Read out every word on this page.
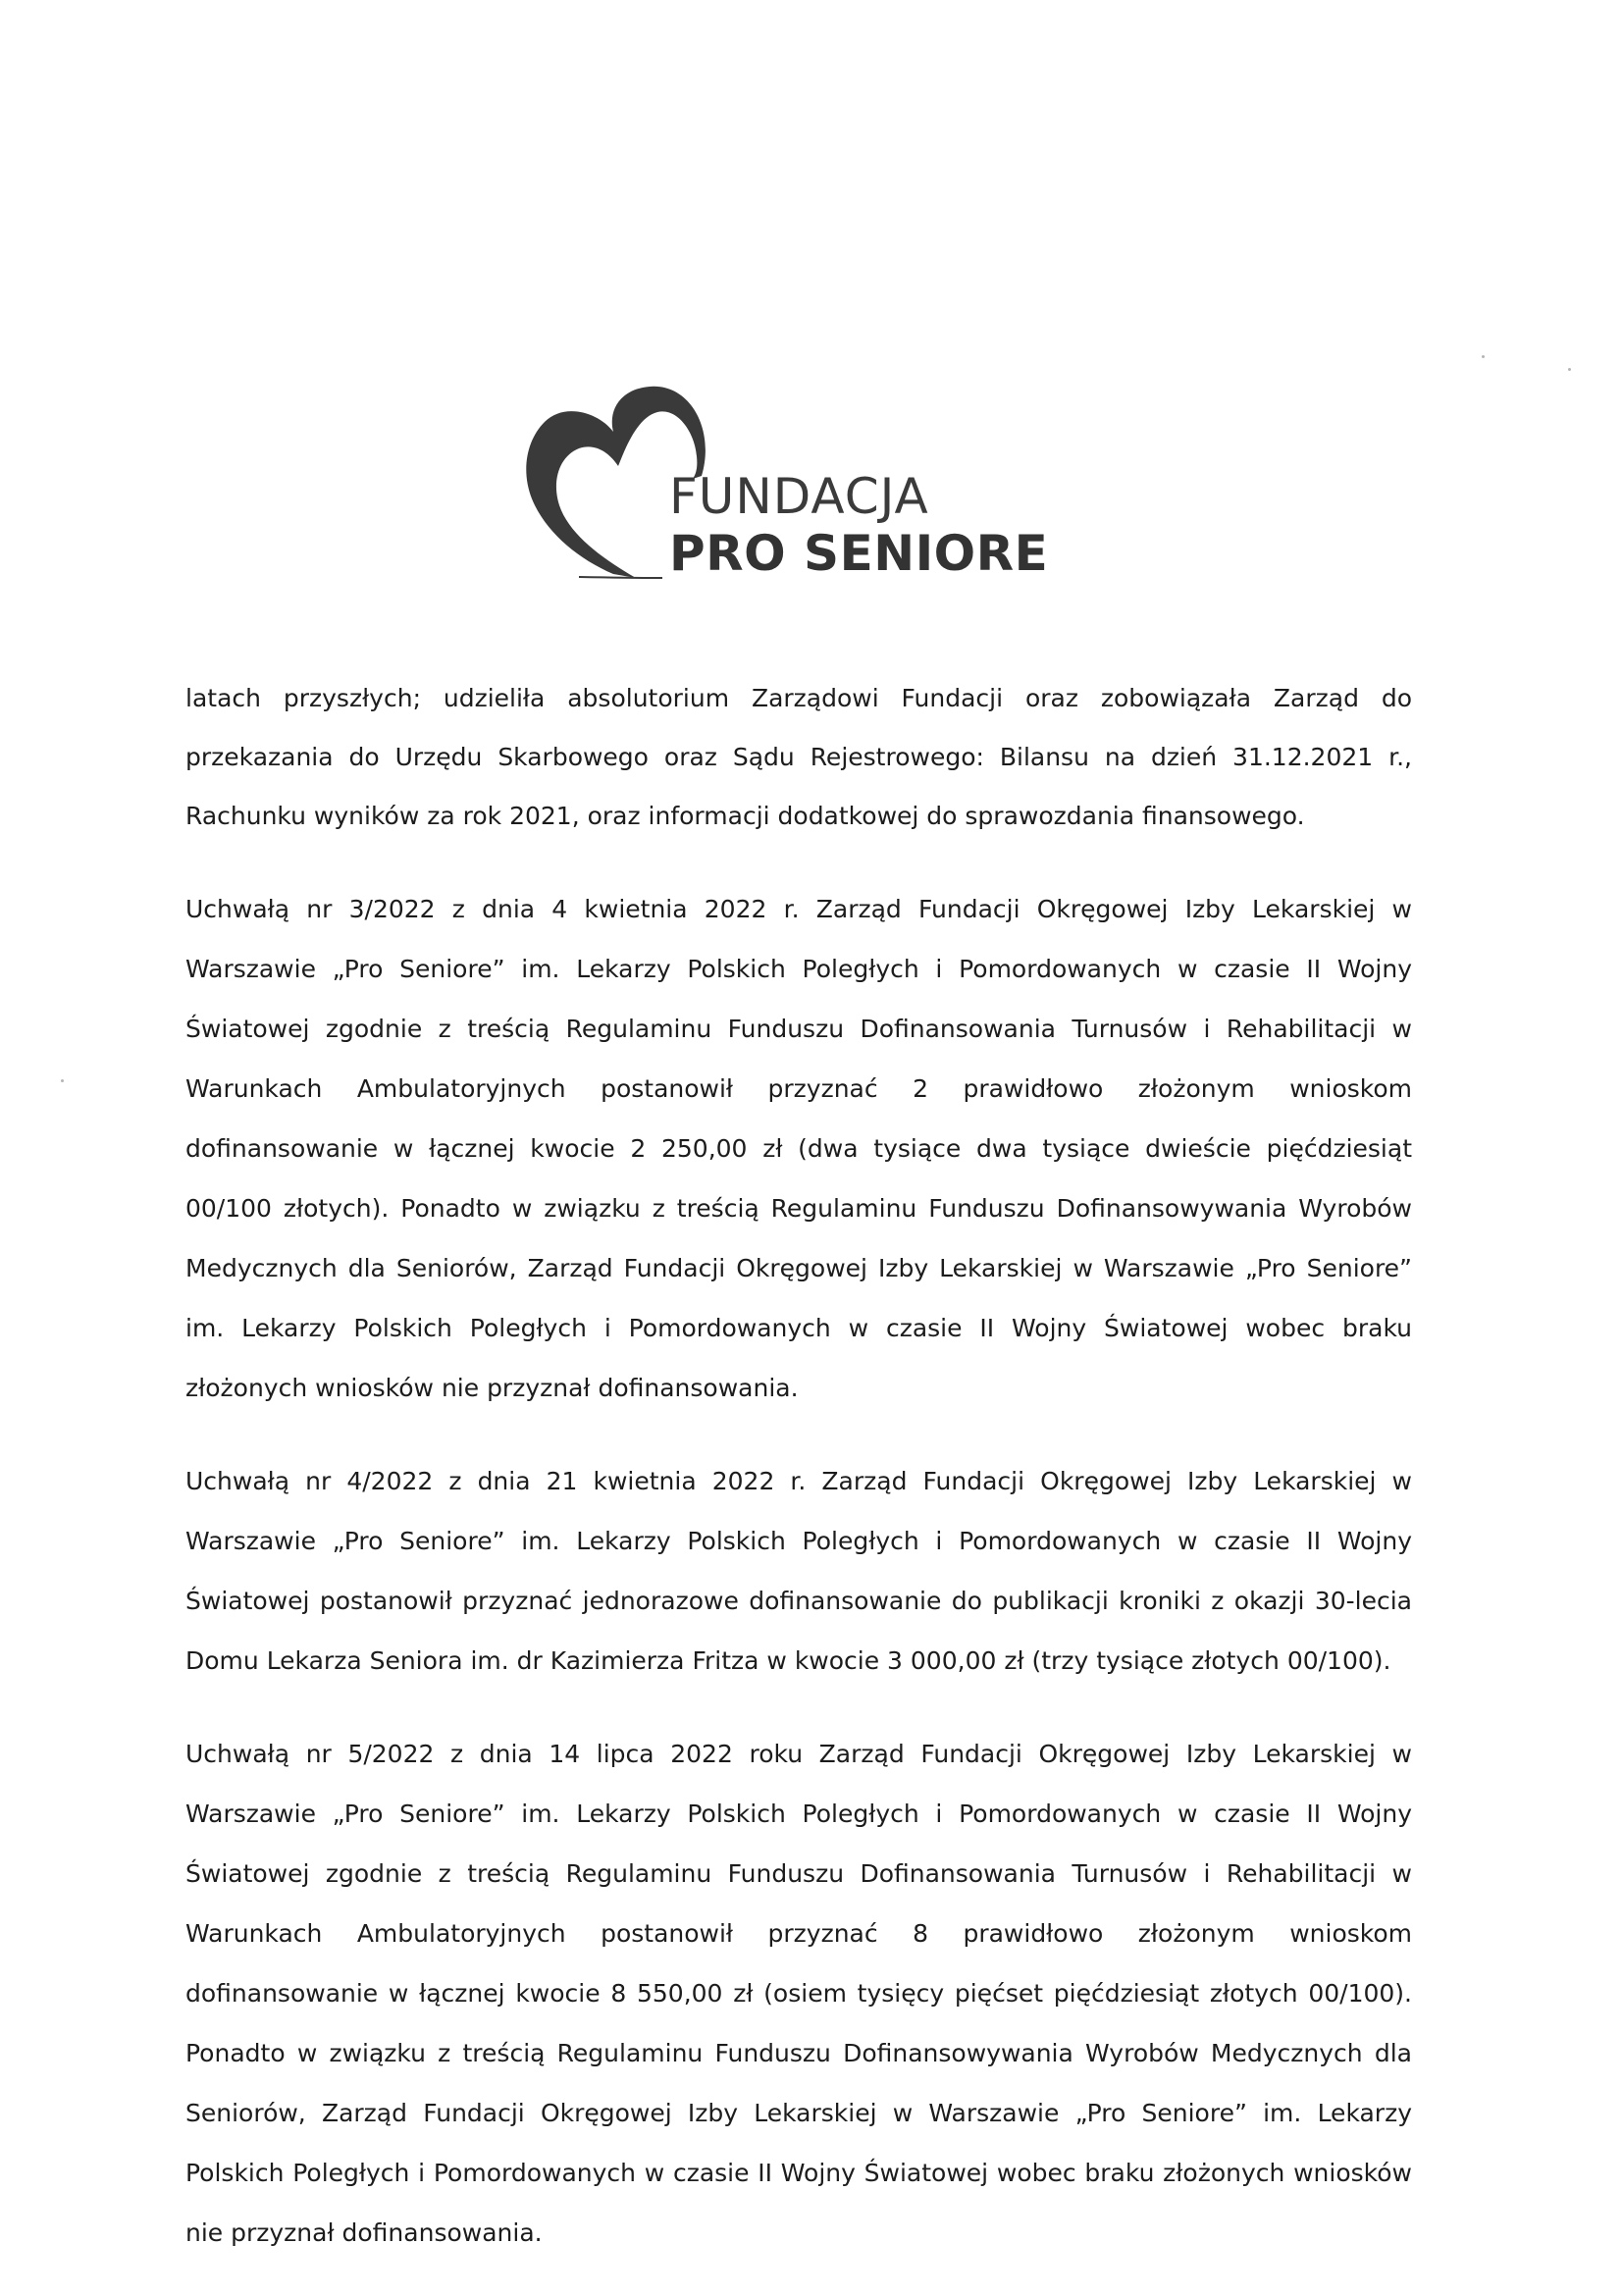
FUNDACJA
PRO SENIORE

latach przyszłych; udzieliła absolutorium Zarządowi Fundacji oraz zobowiązała Zarząd do przekazania do Urzędu Skarbowego oraz Sądu Rejestrowego: Bilansu na dzień 31.12.2021 r., Rachunku wyników za rok 2021, oraz informacji dodatkowej do sprawozdania finansowego.

Uchwałą nr 3/2022 z dnia 4 kwietnia 2022 r. Zarząd Fundacji Okręgowej Izby Lekarskiej w Warszawie „Pro Seniore” im. Lekarzy Polskich Poległych i Pomordowanych w czasie II Wojny Światowej zgodnie z treścią Regulaminu Funduszu Dofinansowania Turnusów i Rehabilitacji w Warunkach Ambulatoryjnych postanowił przyznać 2 prawidłowo złożonym wnioskom dofinansowanie w łącznej kwocie 2 250,00 zł (dwa tysiące dwa tysiące dwieście pięćdziesiąt 00/100 złotych). Ponadto w związku z treścią Regulaminu Funduszu Dofinansowywania Wyrobów Medycznych dla Seniorów, Zarząd Fundacji Okręgowej Izby Lekarskiej w Warszawie „Pro Seniore” im. Lekarzy Polskich Poległych i Pomordowanych w czasie II Wojny Światowej wobec braku złożonych wniosków nie przyznał dofinansowania.

Uchwałą nr 4/2022 z dnia 21 kwietnia 2022 r. Zarząd Fundacji Okręgowej Izby Lekarskiej w Warszawie „Pro Seniore” im. Lekarzy Polskich Poległych i Pomordowanych w czasie II Wojny Światowej postanowił przyznać jednorazowe dofinansowanie do publikacji kroniki z okazji 30-lecia Domu Lekarza Seniora im. dr Kazimierza Fritza w kwocie 3 000,00 zł (trzy tysiące złotych 00/100).

Uchwałą nr 5/2022 z dnia 14 lipca 2022 roku Zarząd Fundacji Okręgowej Izby Lekarskiej w Warszawie „Pro Seniore” im. Lekarzy Polskich Poległych i Pomordowanych w czasie II Wojny Światowej zgodnie z treścią Regulaminu Funduszu Dofinansowania Turnusów i Rehabilitacji w Warunkach Ambulatoryjnych postanowił przyznać 8 prawidłowo złożonym wnioskom dofinansowanie w łącznej kwocie 8 550,00 zł (osiem tysięcy pięćset pięćdziesiąt złotych 00/100). Ponadto w związku z treścią Regulaminu Funduszu Dofinansowywania Wyrobów Medycznych dla Seniorów, Zarząd Fundacji Okręgowej Izby Lekarskiej w Warszawie „Pro Seniore” im. Lekarzy Polskich Poległych i Pomordowanych w czasie II Wojny Światowej wobec braku złożonych wniosków nie przyznał dofinansowania.
